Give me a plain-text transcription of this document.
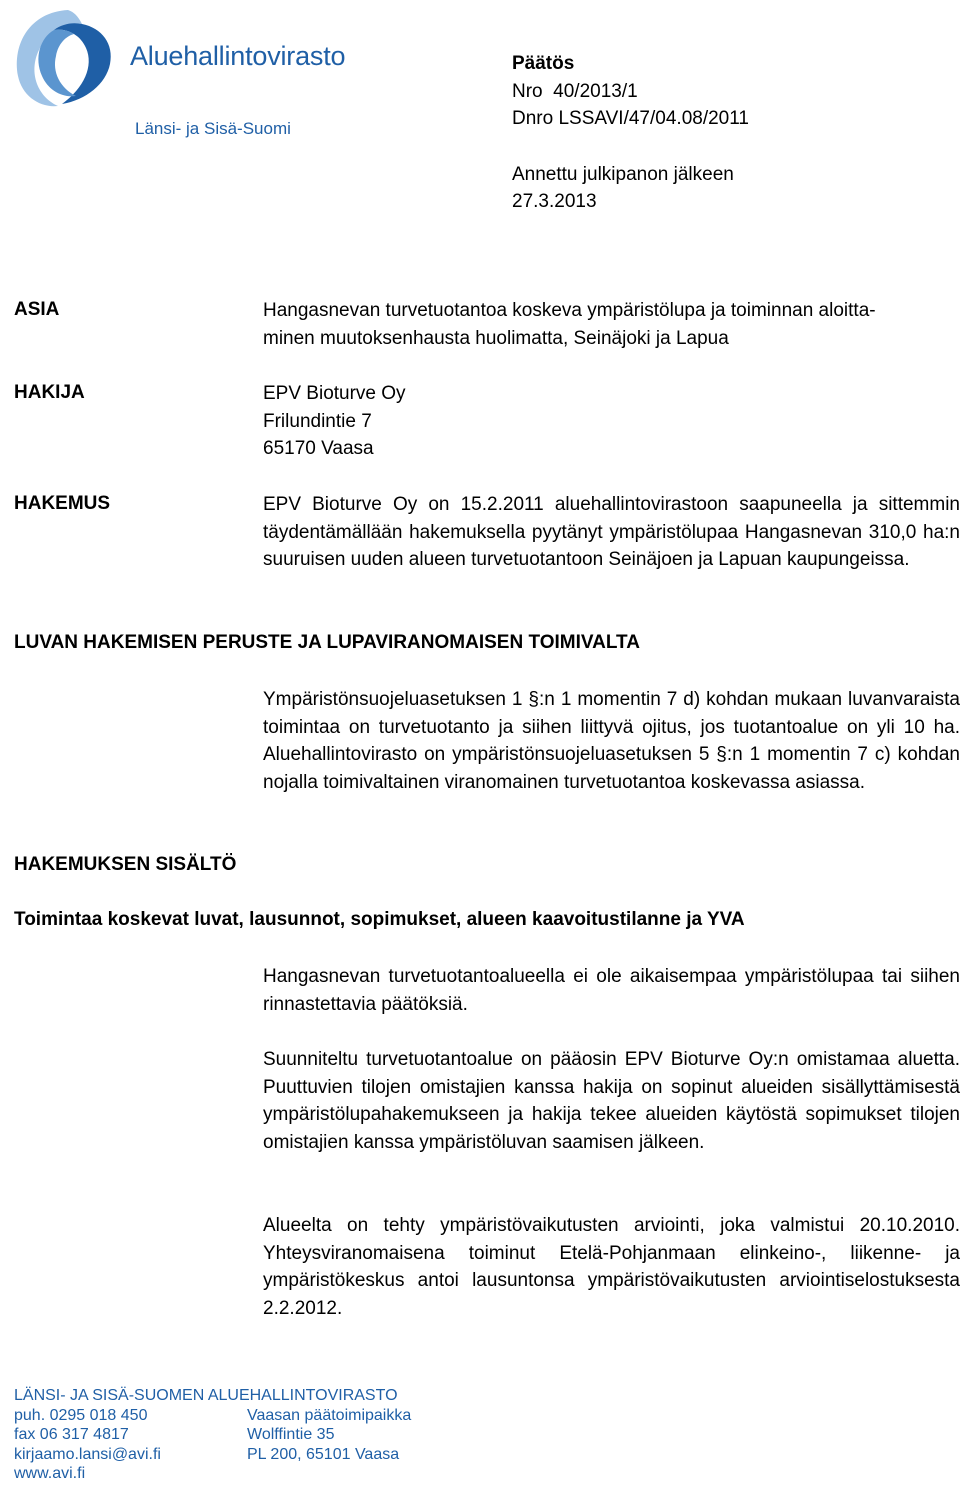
Aluehallintovirasto
Länsi- ja Sisä-Suomi
Päätös
Nro  40/2013/1
Dnro LSSAVI/47/04.08/2011
Annettu julkipanon jälkeen
27.3.2013
ASIA	Hangasnevan turvetuotantoa koskeva ympäristölupa ja toiminnan aloitta-
minen muutoksenhausta huolimatta, Seinäjoki ja Lapua
HAKIJA	EPV Bioturve Oy
Frilundintie 7
65170 Vaasa
HAKEMUS	EPV Bioturve Oy on 15.2.2011 aluehallintovirastoon saapuneella ja sittemmin täydentämällään hakemuksella pyytänyt ympäristölupaa Hangasnevan 310,0 ha:n suuruisen uuden alueen turvetuotantoon Seinäjoen ja Lapuan kaupungeissa.
LUVAN HAKEMISEN PERUSTE JA LUPAVIRANOMAISEN TOIMIVALTA
Ympäristönsuojeluasetuksen 1 §:n 1 momentin 7 d) kohdan mukaan luvanvaraista toimintaa on turvetuotanto ja siihen liittyvä ojitus, jos tuotantoalue on yli 10 ha. Aluehallintovirasto on ympäristönsuojeluasetuksen 5 §:n 1 momentin 7 c) kohdan nojalla toimivaltainen viranomainen turvetuotantoa koskevassa asiassa.
HAKEMUKSEN SISÄLTÖ
Toimintaa koskevat luvat, lausunnot, sopimukset, alueen kaavoitustilanne ja YVA
Hangasnevan turvetuotantoalueella ei ole aikaisempaa ympäristölupaa tai siihen rinnastettavia päätöksiä.
Suunniteltu turvetuotantoalue on pääosin EPV Bioturve Oy:n omistamaa aluetta. Puuttuvien tilojen omistajien kanssa hakija on sopinut alueiden sisällyttämisestä ympäristölupahakemukseen ja hakija tekee alueiden käytöstä sopimukset tilojen omistajien kanssa ympäristöluvan saamisen jälkeen.
Alueelta on tehty ympäristövaikutusten arviointi, joka valmistui 20.10.2010. Yhteysviranomaisena toiminut Etelä-Pohjanmaan elinkeino-, liikenne- ja ympäristökeskus antoi lausuntonsa ympäristövaikutusten arviointiselostuksesta 2.2.2012.
LÄNSI- JA SISÄ-SUOMEN ALUEHALLINTOVIRASTO
puh. 0295 018 450
fax 06 317 4817
kirjaamo.lansi@avi.fi
www.avi.fi
Vaasan päätoimipaikka
Wolffintie 35
PL 200, 65101 Vaasa
